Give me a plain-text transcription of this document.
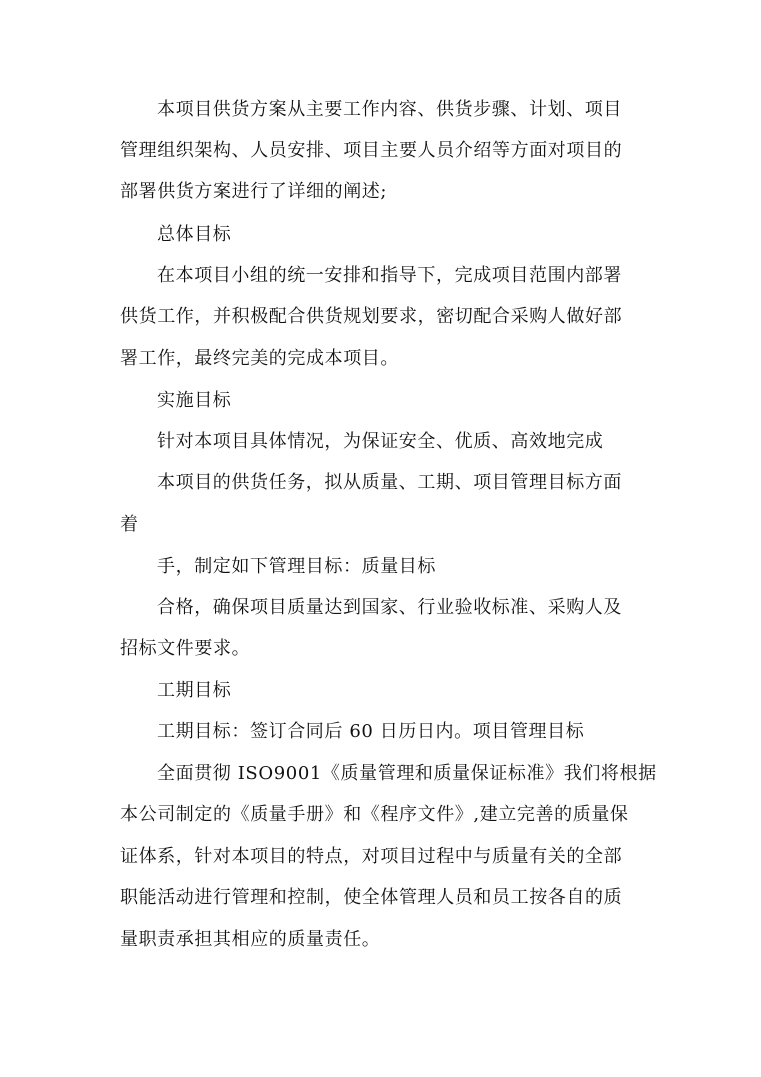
本项目供货方案从主要工作内容、供货步骤、计划、项目
管理组织架构、人员安排、项目主要人员介绍等方面对项目的
部署供货方案进行了详细的阐述;
总体目标
在本项目小组的统一安排和指导下，完成项目范围内部署
供货工作，并积极配合供货规划要求，密切配合采购人做好部
署工作，最终完美的完成本项目。
实施目标
针对本项目具体情况，为保证安全、优质、高效地完成
本项目的供货任务，拟从质量、工期、项目管理目标方面
着
手，制定如下管理目标：质量目标
合格，确保项目质量达到国家、行业验收标准、采购人及
招标文件要求。
工期目标
工期目标：签订合同后 60 日历日内。项目管理目标
全面贯彻 ISO9001《质量管理和质量保证标准》我们将根据
本公司制定的《质量手册》和《程序文件》,建立完善的质量保
证体系，针对本项目的特点，对项目过程中与质量有关的全部
职能活动进行管理和控制，使全体管理人员和员工按各自的质
量职责承担其相应的质量责任。
